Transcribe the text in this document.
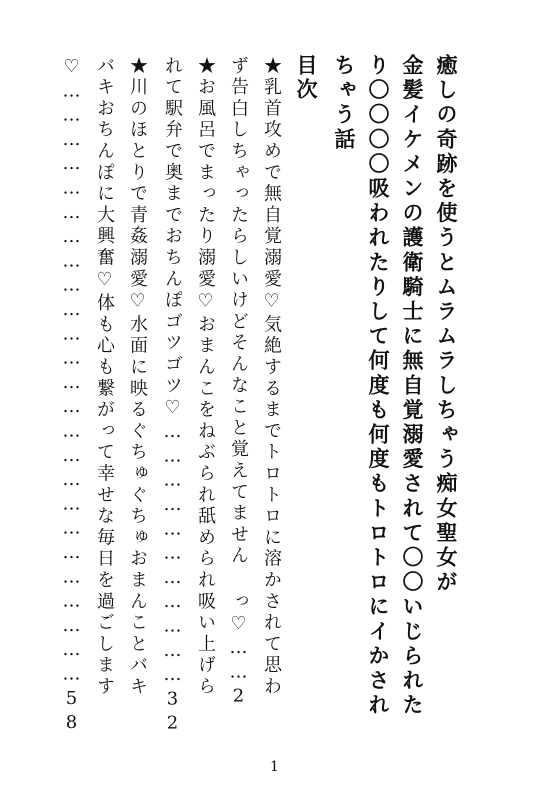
癒しの奇跡を使うとムラムラしちゃう痴女聖女が
金髪イケメンの護衛騎士に無自覚溺愛されて〇〇いじられた
り〇〇〇〇吸われたりして何度も何度もトロトロにイかされ
ちゃう話
目次
★乳首攻めで無自覚溺愛♡気絶するまでトロトロに溶かされて思わ
ず告白しちゃったらしいけどそんなこと覚えてません っ♡……2
★お風呂でまったり溺愛♡おまんこをねぶられ舐められ吸い上げら
れて駅弁で奥までおちんぽゴツゴツ♡……………………………32
★川のほとりで青姦溺愛♡水面に映るぐちゅぐちゅおまんことバキ
バキおちんぽに大興奮♡体も心も繋がって幸せな毎日を過ごします
♡…………………………………………………………………58
1
